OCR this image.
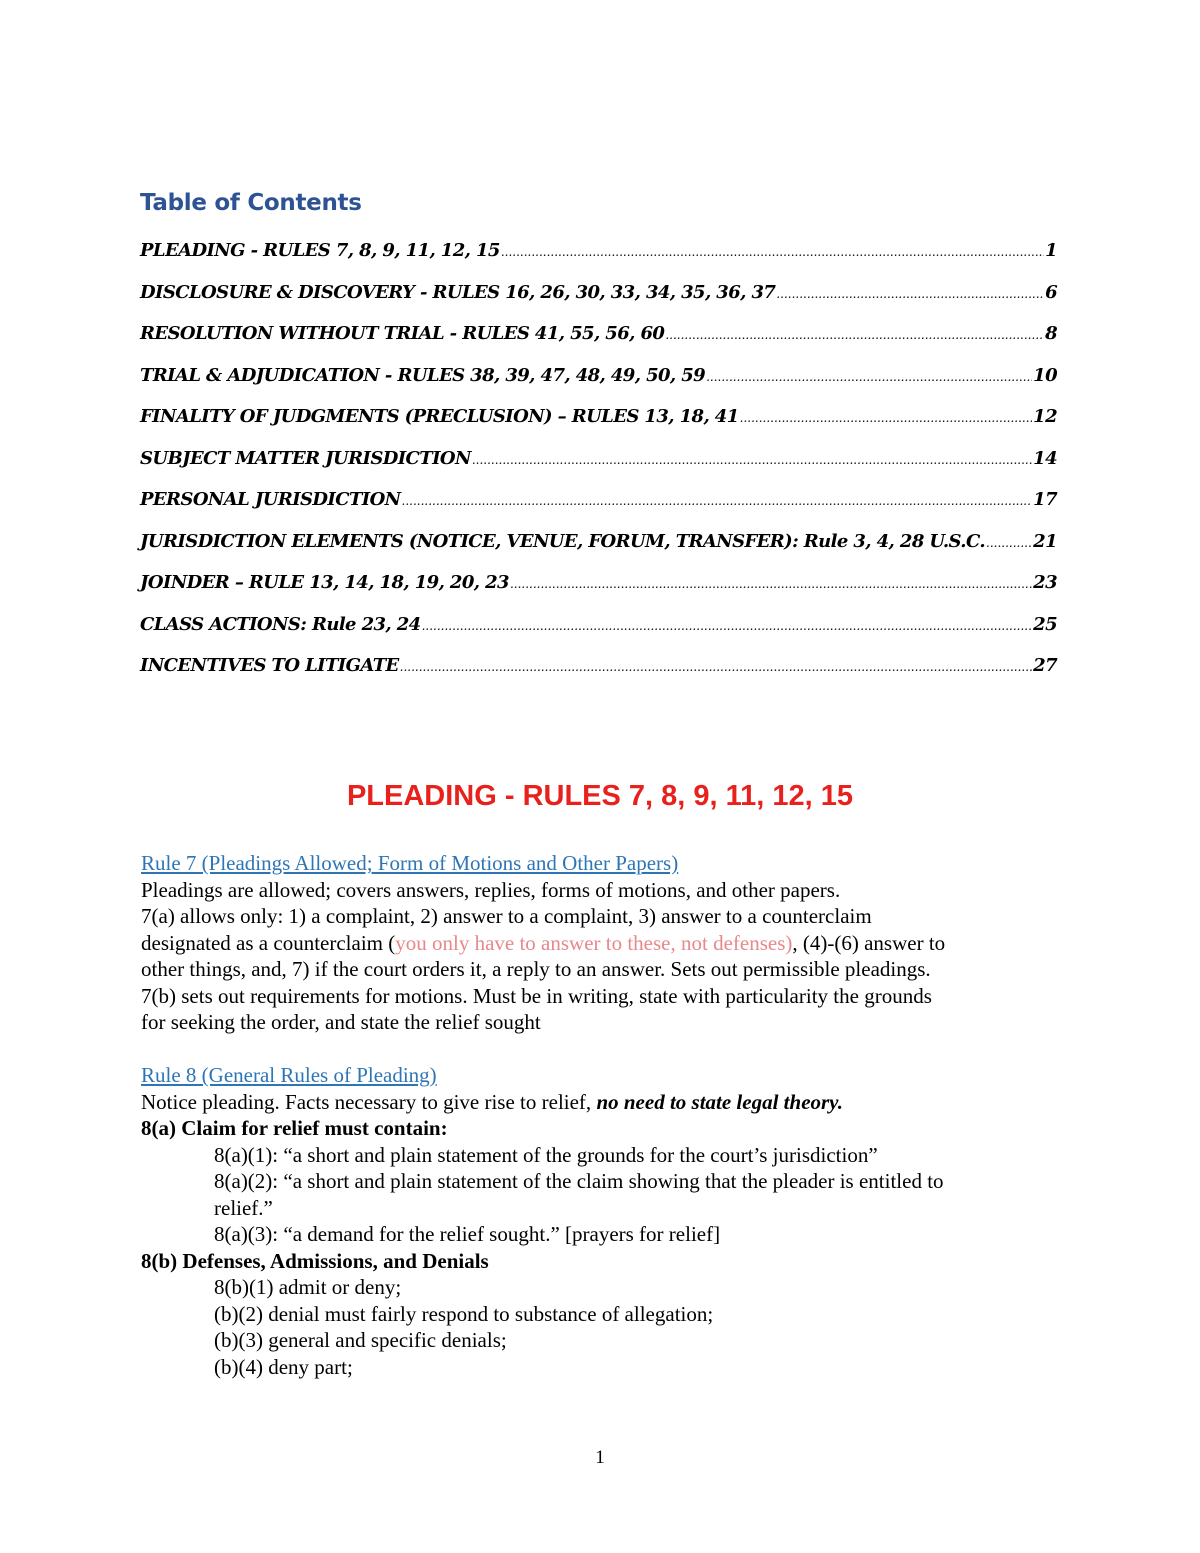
Table of Contents
PLEADING - RULES 7, 8, 9, 11, 12, 15 .....	1
DISCLOSURE & DISCOVERY - RULES 16, 26, 30, 33, 34, 35, 36, 37 .....	6
RESOLUTION WITHOUT TRIAL - RULES 41, 55, 56, 60 .....	8
TRIAL & ADJUDICATION - RULES 38, 39, 47, 48, 49, 50, 59 .....	10
FINALITY OF JUDGMENTS (PRECLUSION) – RULES 13, 18, 41 .....	12
SUBJECT MATTER JURISDICTION .....	14
PERSONAL JURISDICTION .....	17
JURISDICTION ELEMENTS (NOTICE, VENUE, FORUM, TRANSFER): Rule 3, 4, 28 U.S.C. .....	21
JOINDER – RULE 13, 14, 18, 19, 20, 23 .....	23
CLASS ACTIONS: Rule 23, 24 .....	25
INCENTIVES TO LITIGATE .....	27
PLEADING - RULES 7, 8, 9, 11, 12, 15
Rule 7 (Pleadings Allowed; Form of Motions and Other Papers)
Pleadings are allowed; covers answers, replies, forms of motions, and other papers.
7(a) allows only: 1) a complaint, 2) answer to a complaint, 3) answer to a counterclaim
designated as a counterclaim (you only have to answer to these, not defenses), (4)-(6) answer to
other things, and, 7) if the court orders it, a reply to an answer. Sets out permissible pleadings.
7(b) sets out requirements for motions. Must be in writing, state with particularity the grounds
for seeking the order, and state the relief sought
Rule 8 (General Rules of Pleading)
Notice pleading. Facts necessary to give rise to relief, no need to state legal theory.
8(a) Claim for relief must contain:
8(a)(1): “a short and plain statement of the grounds for the court’s jurisdiction”
8(a)(2): “a short and plain statement of the claim showing that the pleader is entitled to
relief.”
8(a)(3): “a demand for the relief sought.” [prayers for relief]
8(b) Defenses, Admissions, and Denials
8(b)(1) admit or deny;
(b)(2) denial must fairly respond to substance of allegation;
(b)(3) general and specific denials;
(b)(4) deny part;
1
